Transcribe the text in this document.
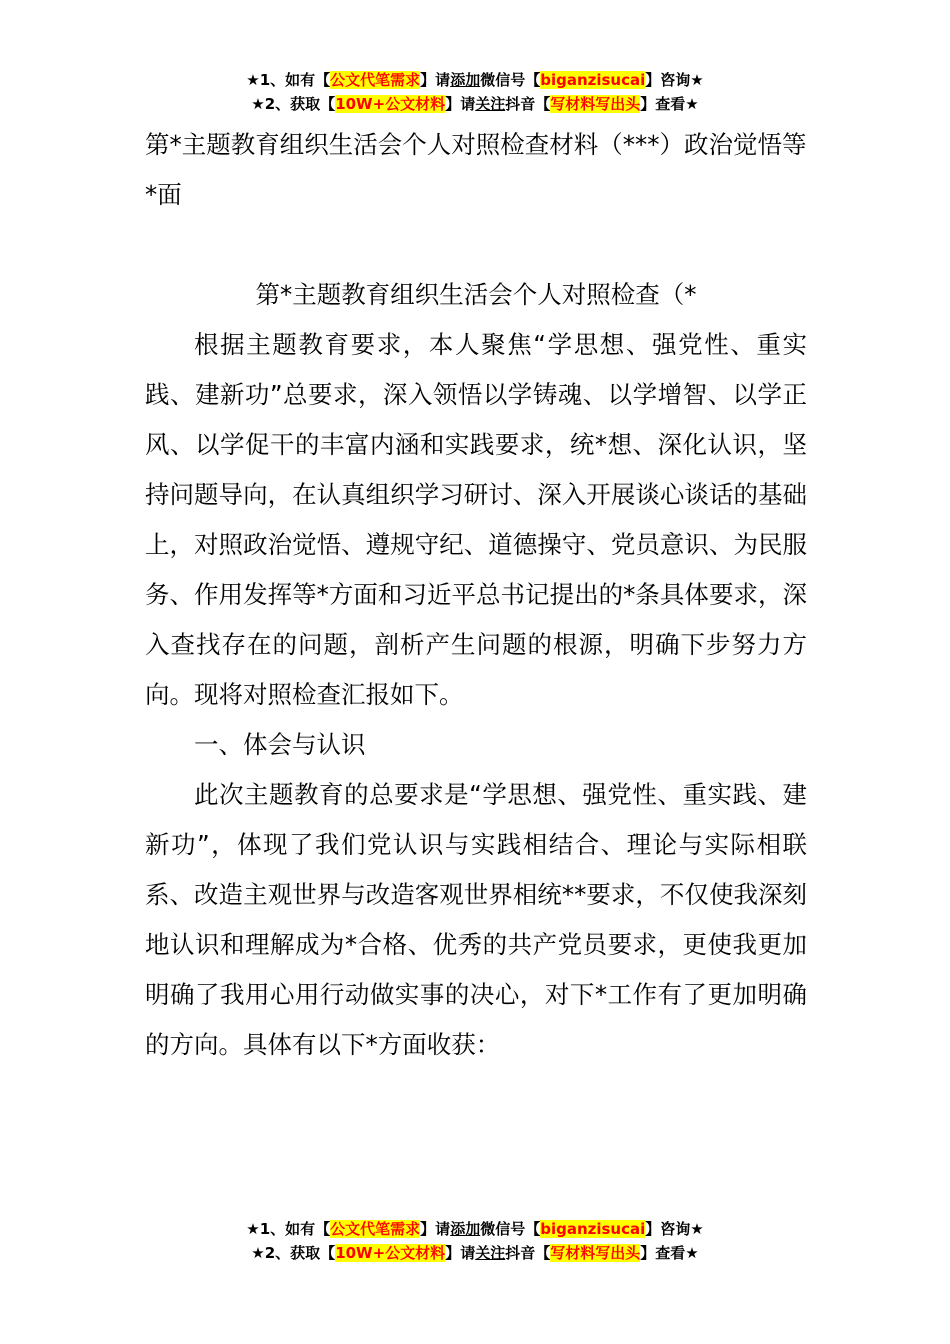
★1、如有【公文代笔需求】请添加微信号【biganzisucai】咨询★
★2、获取【10W+公文材料】请关注抖音【写材料写出头】查看★
第*主题教育组织生活会个人对照检查材料（***）政治觉悟等*面
第*主题教育组织生活会个人对照检查（*

根据主题教育要求，本人聚焦“学思想、强党性、重实践、建新功”总要求，深入领悟以学铸魂、以学增智、以学正风、以学促干的丰富内涵和实践要求，统*想、深化认识，坚持问题导向，在认真组织学习研讨、深入开展谈心谈话的基础上，对照政治觉悟、遵规守纪、道德操守、党员意识、为民服务、作用发挥等*方面和习近平总书记提出的*条具体要求，深入查找存在的问题，剖析产生问题的根源，明确下步努力方向。现将对照检查汇报如下。

一、体会与认识

此次主题教育的总要求是“学思想、强党性、重实践、建新功”，体现了我们党认识与实践相结合、理论与实际相联系、改造主观世界与改造客观世界相统**要求，不仅使我深刻地认识和理解成为*合格、优秀的共产党员要求，更使我更加明确了我用心用行动做实事的决心，对下*工作有了更加明确的方向。具体有以下*方面收获：

★1、如有【公文代笔需求】请添加微信号【biganzisucai】咨询★
★2、获取【10W+公文材料】请关注抖音【写材料写出头】查看★
